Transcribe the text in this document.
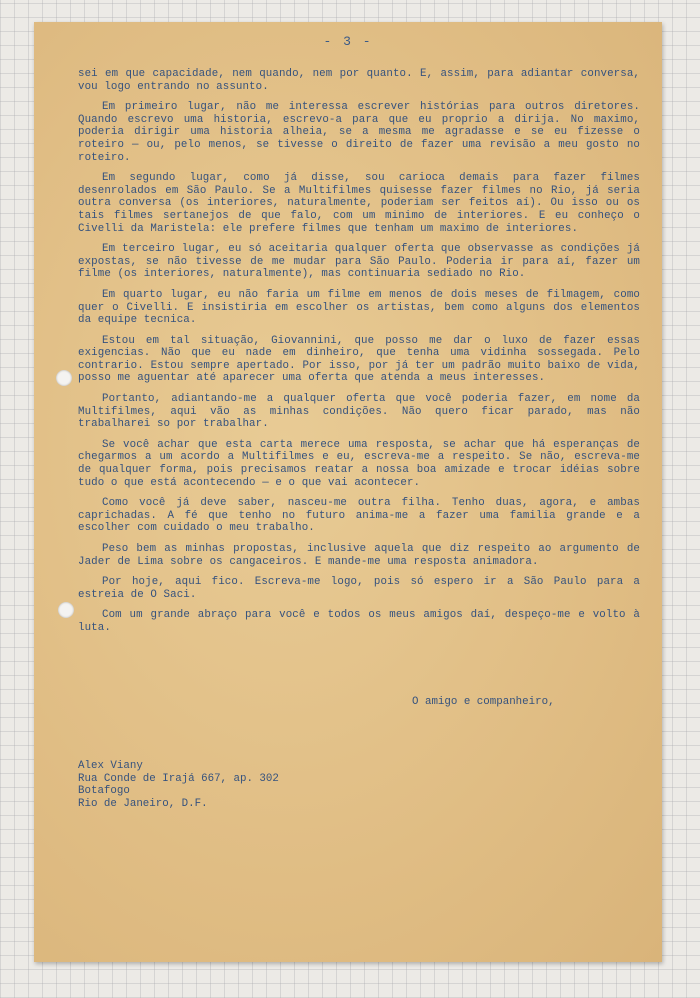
- 3 -

sei em que capacidade, nem quando, nem por quanto. E, assim, para adiantar conversa, vou logo entrando no assunto.

Em primeiro lugar, não me interessa escrever histórias para outros diretores. Quando escrevo uma historia, escrevo-a para que eu proprio a dirija. No maximo, poderia dirigir uma historia alheia, se a mesma me agradasse e se eu fizesse o roteiro — ou, pelo menos, se tivesse o direito de fazer uma revisão a meu gosto no roteiro.

Em segundo lugar, como já disse, sou carioca demais para fazer filmes desenrolados em São Paulo. Se a Multifilmes quisesse fazer filmes no Rio, já seria outra conversa (os interiores, naturalmente, poderiam ser feitos aí). Ou isso ou os tais filmes sertanejos de que falo, com um minimo de interiores. E eu conheço o Civelli da Maristela: ele prefere filmes que tenham um maximo de interiores.

Em terceiro lugar, eu só aceitaria qualquer oferta que observasse as condições já expostas, se não tivesse de me mudar para São Paulo. Poderia ir para aí, fazer um filme (os interiores, naturalmente), mas continuaria sediado no Rio.

Em quarto lugar, eu não faria um filme em menos de dois meses de filmagem, como quer o Civelli. E insistiria em escolher os artistas, bem como alguns dos elementos da equipe tecnica.

Estou em tal situação, Giovannini, que posso me dar o luxo de fazer essas exigencias. Não que eu nade em dinheiro, que tenha uma vidinha sossegada. Pelo contrario. Estou sempre apertado. Por isso, por já ter um padrão muito baixo de vida, posso me aguentar até aparecer uma oferta que atenda a meus interesses.

Portanto, adiantando-me a qualquer oferta que você poderia fazer, em nome da Multifilmes, aqui vão as minhas condições. Não quero ficar parado, mas não trabalharei so por trabalhar.

Se você achar que esta carta merece uma resposta, se achar que há esperanças de chegarmos a um acordo a Multifilmes e eu, escreva-me a respeito. Se não, escreva-me de qualquer forma, pois precisamos reatar a nossa boa amizade e trocar idéias sobre tudo o que está acontecendo — e o que vai acontecer.

Como você já deve saber, nasceu-me outra filha. Tenho duas, agora, e ambas caprichadas. A fé que tenho no futuro anima-me a fazer uma familia grande e a escolher com cuidado o meu trabalho.

Peso bem as minhas propostas, inclusive aquela que diz respeito ao argumento de Jader de Lima sobre os cangaceiros. E mande-me uma resposta animadora.

Por hoje, aqui fico. Escreva-me logo, pois só espero ir a São Paulo para a estreia de O Saci.

Com um grande abraço para você e todos os meus amigos daí, despeço-me e volto à luta.

O amigo e companheiro,
Alex Viany
Rua Conde de Irajá 667, ap. 302
Botafogo
Rio de Janeiro, D.F.
